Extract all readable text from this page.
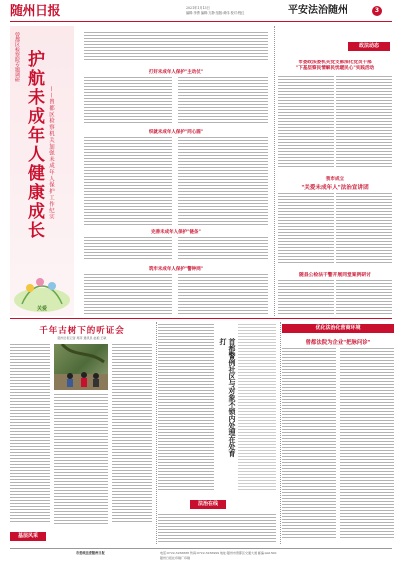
随州日报	2021年1月13日
编辑:李勇 编辑:万静 组版:黄伟 校对:程红	平安法治随州	3
曾都区检察院专题调研 护航未成年人健康成长 ——曾都区检察机关加强未成年人保护工作纪实
关爱
打好未成年人保护"主动仗"
织就未成年人保护"同心圆"
完善未成年人保护"链条"
筑牢未成年人保护"警钟网"
政法动态
市委政法委机关党支部深化党员干部
"下基层察民情解民忧暖民心"实践活动
我市成立
"关爱未成年人"法治宣讲团
随县公检法干警开展同堂案例研讨
千年古树下的听证会
随州日报记者 周萍 通讯员 赵艳 王敏
基层风采
首都警例社区与对象不锁内处理在处育打
法治在线
优化法治化营商环境
曾都法院为企业"把脉问诊"
市委政法委随州日报	电话:0722-3256888 传真:0722-3256999 地址:随州市曾都区交通大道 邮编:441300
随州日报社印刷厂印刷
